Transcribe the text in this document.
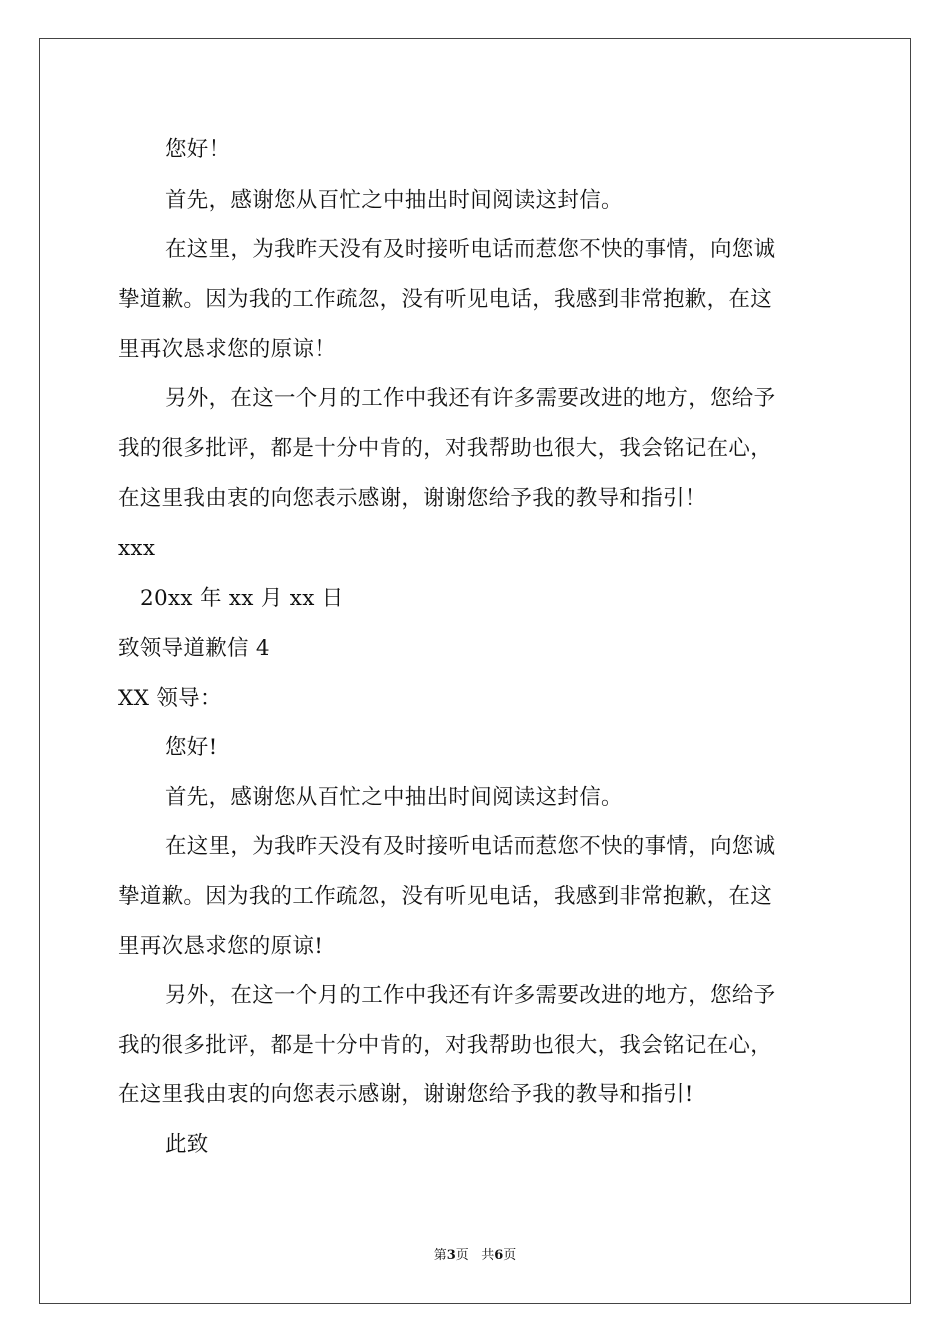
您好！
首先，感谢您从百忙之中抽出时间阅读这封信。
在这里，为我昨天没有及时接听电话而惹您不快的事情，向您诚
挚道歉。因为我的工作疏忽，没有听见电话，我感到非常抱歉，在这
里再次恳求您的原谅！
另外，在这一个月的工作中我还有许多需要改进的地方，您给予
我的很多批评，都是十分中肯的，对我帮助也很大，我会铭记在心，
在这里我由衷的向您表示感谢，谢谢您给予我的教导和指引！
xxx
20xx 年 xx 月 xx 日
致领导道歉信 4
XX 领导：
您好!
首先，感谢您从百忙之中抽出时间阅读这封信。
在这里，为我昨天没有及时接听电话而惹您不快的事情，向您诚
挚道歉。因为我的工作疏忽，没有听见电话，我感到非常抱歉，在这
里再次恳求您的原谅!
另外，在这一个月的工作中我还有许多需要改进的地方，您给予
我的很多批评，都是十分中肯的，对我帮助也很大，我会铭记在心，
在这里我由衷的向您表示感谢，谢谢您给予我的教导和指引!
此致
第3页 共6页
